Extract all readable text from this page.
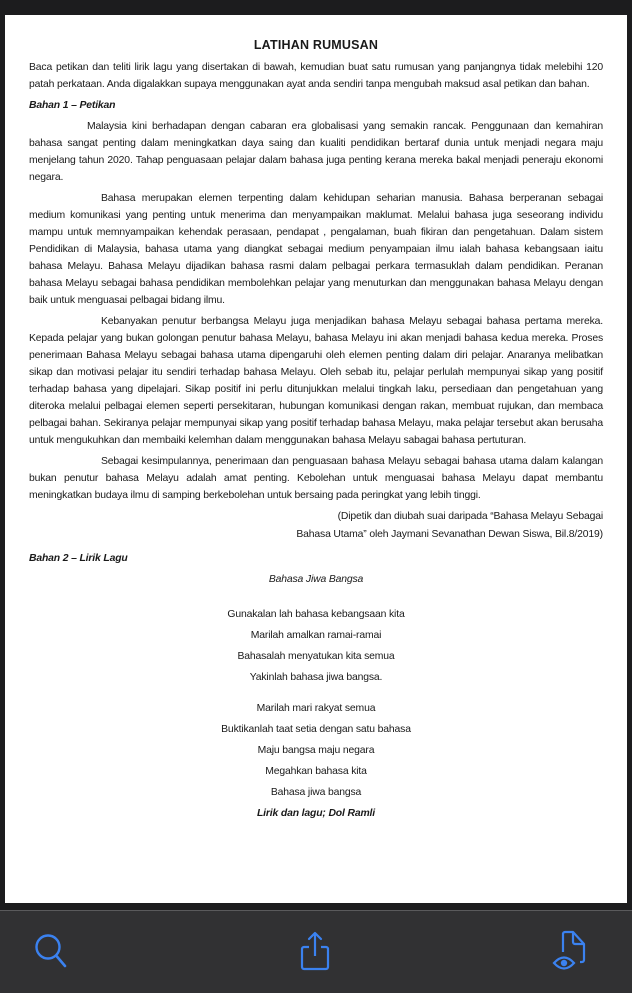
LATIHAN RUMUSAN

Baca petikan dan teliti lirik lagu yang disertakan di bawah, kemudian buat satu rumusan yang panjangnya tidak melebihi 120 patah perkataan. Anda digalakkan supaya menggunakan ayat anda sendiri tanpa mengubah maksud asal petikan dan bahan.

Bahan 1 – Petikan

Malaysia kini berhadapan dengan cabaran era globalisasi yang semakin rancak. Penggunaan dan kemahiran bahasa sangat penting dalam meningkatkan daya saing dan kualiti pendidikan bertaraf dunia untuk menjadi negara maju menjelang tahun 2020. Tahap penguasaan pelajar dalam bahasa juga penting kerana mereka bakal menjadi peneraju ekonomi negara.

Bahasa merupakan elemen terpenting dalam kehidupan seharian manusia. Bahasa berperanan sebagai medium komunikasi yang penting untuk menerima dan menyampaikan maklumat. Melalui bahasa juga seseorang individu mampu untuk memnyampaikan kehendak perasaan, pendapat , pengalaman, buah fikiran dan pengetahuan. Dalam sistem Pendidikan di Malaysia, bahasa utama yang diangkat sebagai medium penyampaian ilmu ialah bahasa kebangsaan iaitu bahasa Melayu. Bahasa Melayu dijadikan bahasa rasmi dalam pelbagai perkara termasuklah dalam pendidikan. Peranan bahasa Melayu sebagai bahasa pendidikan membolehkan pelajar yang menuturkan dan menggunakan bahasa Melayu dengan baik untuk menguasai pelbagai bidang ilmu.

Kebanyakan penutur berbangsa Melayu juga menjadikan bahasa Melayu sebagai bahasa pertama mereka. Kepada pelajar yang bukan golongan penutur bahasa Melayu, bahasa Melayu ini akan menjadi bahasa kedua mereka. Proses penerimaan Bahasa Melayu sebagai bahasa utama dipengaruhi oleh elemen penting dalam diri pelajar. Anaranya melibatkan sikap dan motivasi pelajar itu sendiri terhadap bahasa Melayu. Oleh sebab itu, pelajar perlulah mempunyai sikap yang positif terhadap bahasa yang dipelajari. Sikap positif ini perlu ditunjukkan melalui tingkah laku, persediaan dan pengetahuan yang diteroka melalui pelbagai elemen seperti persekitaran, hubungan komunikasi dengan rakan, membuat rujukan, dan membaca pelbagai bahan. Sekiranya pelajar mempunyai sikap yang positif terhadap bahasa Melayu, maka pelajar tersebut akan berusaha untuk mengukuhkan dan membaiki kelemhan dalam menggunakan bahasa Melayu sabagai bahasa pertuturan.

Sebagai kesimpulannya, penerimaan dan penguasaan bahasa Melayu sebagai bahasa utama dalam kalangan bukan penutur bahasa Melayu adalah amat penting. Kebolehan untuk menguasai bahasa Melayu dapat membantu meningkatkan budaya ilmu di samping berkebolehan untuk bersaing pada peringkat yang lebih tinggi.

(Dipetik dan diubah suai daripada “Bahasa Melayu Sebagai
Bahasa Utama” oleh Jaymani Sevanathan Dewan Siswa, Bil.8/2019)
Bahan 2 – Lirik Lagu
Bahasa Jiwa Bangsa
Gunakalan lah bahasa kebangsaan kita
Marilah amalkan ramai-ramai
Bahasalah menyatukan kita semua
Yakinlah bahasa jiwa bangsa.
Marilah mari rakyat semua
Buktikanlah taat setia dengan satu bahasa
Maju bangsa maju negara
Megahkan bahasa kita
Bahasa jiwa bangsa
Lirik dan lagu; Dol Ramli
